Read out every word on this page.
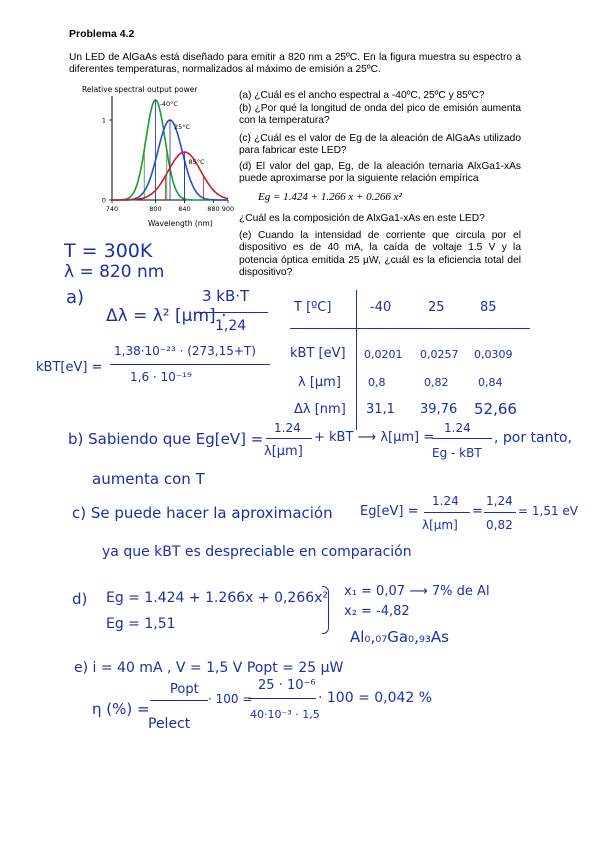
Problema 4.2
Un LED de AlGaAs está diseñado para emitir a 820 nm a 25ºC. En la figura muestra su espectro a diferentes temperaturas, normalizados al máximo de emisión a 25ºC.
Relative spectral output power
740	800	840	880 900
0
1
-40°C
25°C
85°C
Wavelength (nm)
(a) ¿Cuál es el ancho espectral a -40ºC, 25ºC y 85ºC?
(b) ¿Por qué la longitud de onda del pico de emisión aumenta con la temperatura?
(c) ¿Cuál es el valor de Eg de la aleación de AlGaAs utilizado para fabricar este LED?
(d) El valor del gap, Eg, de la aleación ternaria AlxGa1-xAs puede aproximarse por la siguiente relación empírica
Eg = 1.424 + 1.266 x + 0.266 x²
¿Cuál es la composición de AlxGa1-xAs en este LED?
(e) Cuando la intensidad de corriente que circula por el dispositivo es de 40 mA, la caída de voltaje 1.5 V y la potencia óptica emitida 25 µW, ¿cuál es la eficiencia total del dispositivo?
T = 300K
λ = 820 nm
a)
Δλ = λ² [µm] ·
3 kB·T
1,24
kBT[eV] =
1,38·10⁻²³ · (273,15+T)
1,6 · 10⁻¹⁹
T [ºC]	-40	25	85
kBT [eV] 0,0201 0,0257 0,0309
λ [µm] 0,8	0,82	0,84
Δλ [nm] 31,1 39,76 52,66
b) Sabiendo que Eg[eV] =
1.24
λ[µm]
+ kBT ⟶ λ[µm] =
1.24
Eg - kBT
, por tanto,
aumenta con T
c) Se puede hacer la aproximación Eg[eV] =
1.24
λ[µm]
=
1,24
0,82
= 1,51 eV
ya que kBT es despreciable en comparación
d) Eg = 1.424 + 1.266x + 0,266x²
Eg = 1,51
x₁ = 0,07 ⟶ 7% de Al
x₂ = -4,82
Al₀,₀₇Ga₀,₉₃As
e) i = 40 mA , V = 1,5 V Popt = 25 µW
η (%) =
Popt
Pelect
· 100 =
25 · 10⁻⁶
40·10⁻³ · 1,5
· 100 = 0,042 %
